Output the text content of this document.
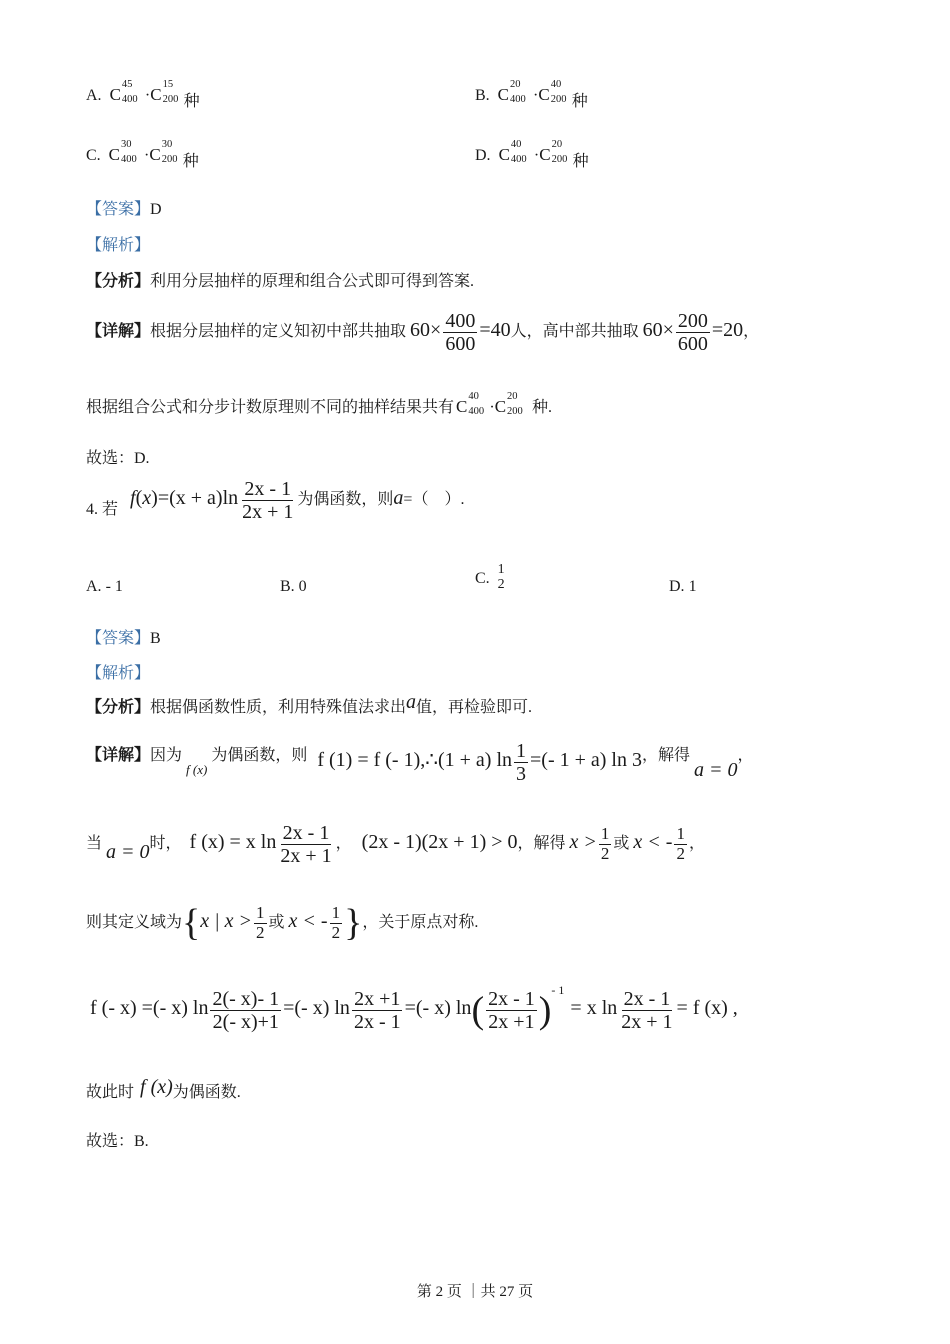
A. C
45
400 ·C
15
200 种	B. C
20
400 ·C
40
200 种
C. C
30
400 ·C
30
200 种	D. C
40
400 ·C
20
200 种
【答案】D
【解析】
【分析】利用分层抽样的原理和组合公式即可得到答案.
【详解】根据分层抽样的定义知初中部共抽取 $60\times \frac{400}{600} =40$人，高中部共抽取 $60\times \frac{200}{600} =20$，
根据组合公式和分步计数原理则不同的抽样结果共有 C
40
400 ·C
20
200 种.
故选：D.
4. 若 $f(x)=(x + a)\ln \frac{2x - 1}{2x + 1}$ 为偶函数，则a=（　）.
A. - 1	B. 0	C.
1
2	D. 1
【答案】B
【解析】
【分析】根据偶函数性质，利用特殊值法求出a值，再检验即可.
【详解】因为 $_{f (x)}$ 为偶函数，则 f (1) = f (- 1),∴(1 + a) $\ln \frac{1}{3}$ =(- 1 + a) ln 3，解得 a = 0，
当 a = 0时， f (x) = x $\ln \frac{2x - 1}{2x + 1}$ ， (2x - 1)(2x + 1) > 0，解得 $x > \frac{1}{2}$ 或 x < - $\frac{1}{2}$ ，
则其定义域为{x | $x > \frac{1}{2}$ 或 x < - $\frac{1}{2}$ }，关于原点对称.
f (- x) =(- x) $\ln \frac{2(- x)- 1}{2(- x)+1}$ =(- x) $\ln \frac{2x +1}{2x - 1}$ =(- x) $\ln( \frac{2x - 1}{2x +1} )^{- 1}= x$ $\ln \frac{2x - 1}{2x + 1} = f$ (x) ,
故此时 f (x)为偶函数.
故选：B.
第 2 页 ｜共 27 页
